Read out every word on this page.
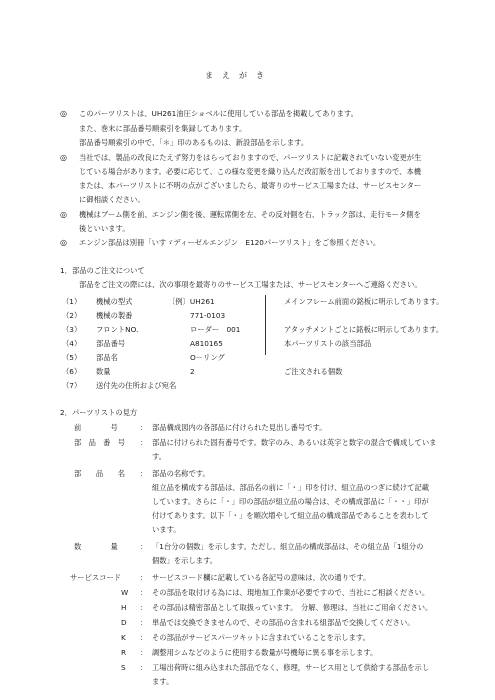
まえがき
◎ このパーツリストは、UH261油圧ショベルに使用している部品を掲載してあります。
また、巻末に部品番号順索引を集録してあります。
部品番号順索引の中で、「＊」印のあるものは、新設部品を示します。
◎ 当社では、製品の改良にたえず努力をはらっておりますので、パーツリストに記載されていない変更が生
じている場合があります。必要に応じて、この様な変更を織り込んだ改訂版を出しておりますので、本機
または、本パーツリストに不明の点がございましたら、最寄りのサービス工場または、サービスセンター
に御相談ください。
◎ 機械はブーム側を前、エンジン側を後、運転席側を左、その反対側を右、トラック部は、走行モータ側を
後といいます。
◎ エンジン部品は別冊「いすゞディーゼルエンジン　E120パーツリスト」をご参照ください。
1．部品のご注文について
部品をご注文の際には、次の事項を最寄りのサービス工場または、サービスセンターへご連絡ください。
（1） 機械の型式	〔例〕UH261	メインフレーム前面の銘板に明示してあります。
（2） 機械の製番	771-0103
（3） フロントNO.	ローダー　001	アタッチメントごとに銘板に明示してあります。
（4） 部品番号	A810165	本パーツリストの該当部品
（5） 部品名	O－リング
（6） 数量	2	ご注文される個数
（7） 送付先の住所および宛名
2．パーツリストの見方
前　　　　号	： 部品構成図内の各部品に付けられた見出し番号です。
部　品　番　号 ： 部品に付けられた固有番号です。数字のみ、あるいは英字と数字の混合で構成していま
す。
部　　品　　名 ： 部品の名称です。
組立品を構成する部品は、部品名の前に「・」印を付け、組立品のつぎに続けて記載
しています。さらに「・」印の部品が組立品の場合は、その構成部品に「・・」印が
付けてあります。以下「・」を順次増やして組立品の構成部品であることを表わして
います。
数　　　　量	： 「1台分の個数」を示します。ただし、組立品の構成部品は、その組立品「1組分の
個数」を示します。
サービスコード	： サービスコード欄に記載している各記号の意味は、次の通りです。
W ： その部品を取付ける為には、現地加工作業が必要ですので、当社にご相談ください。
H ： その部品は精密部品として取扱っています。　分解、修理は、当社にご用命ください。
D ： 単品では交換できませんので、その部品の含まれる組部品で交換してください。
K ： その部品がサービスパーツキットに含まれていることを示します。
R ： 調整用シムなどのように使用する数量が号機毎に異る事を示します。
S ： 工場出荷時に組み込まれた部品でなく、修理，サービス用として供給する部品を示し
ます。
